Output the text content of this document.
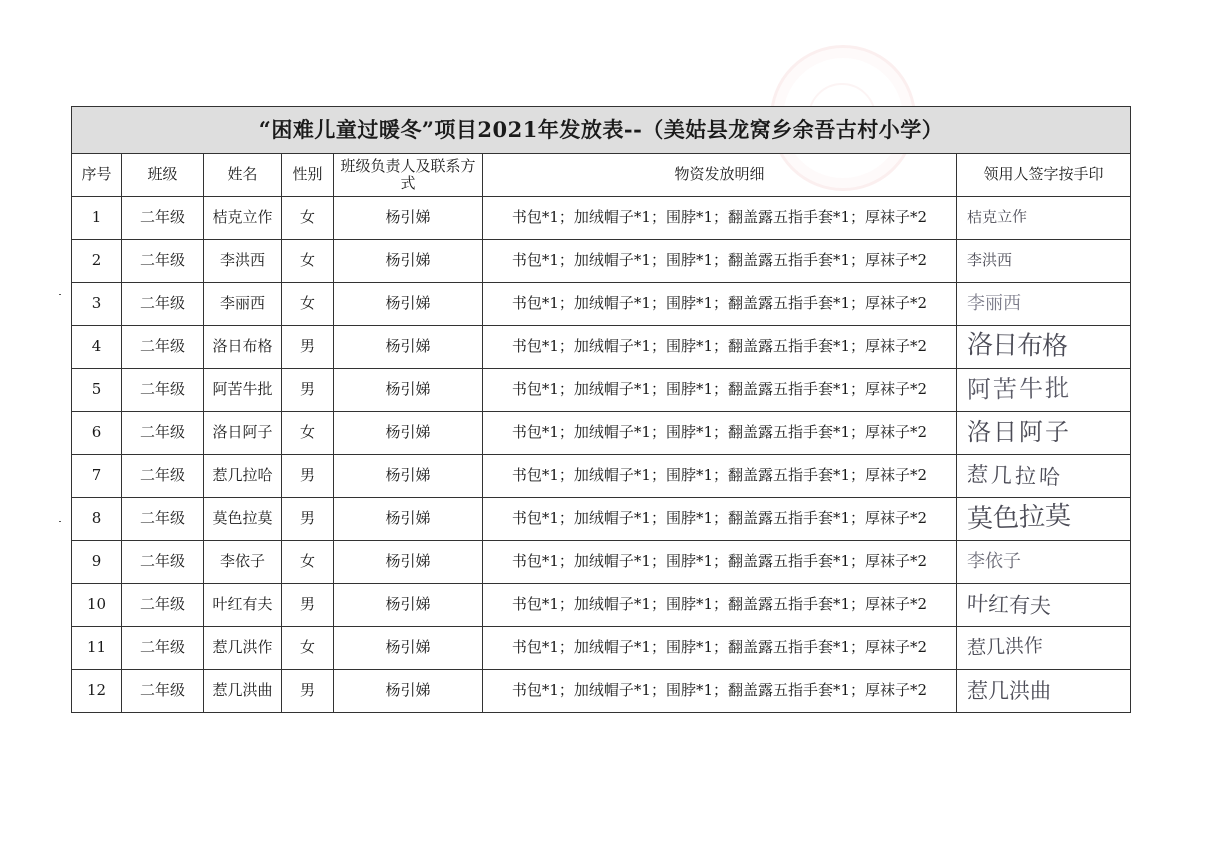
“困难儿童过暖冬”项目2021年发放表--（美姑县龙窝乡余吾古村小学）						
序号	班级	姓名	性别	班级负责人及联系方式	物资发放明细	领用人签字按手印
1	二年级	桔克立作	女	杨引娣	书包*1；加绒帽子*1；围脖*1；翻盖露五指手套*1；厚袜子*2	桔克立作
2	二年级	李洪西	女	杨引娣	书包*1；加绒帽子*1；围脖*1；翻盖露五指手套*1；厚袜子*2	李洪西
3	二年级	李丽西	女	杨引娣	书包*1；加绒帽子*1；围脖*1；翻盖露五指手套*1；厚袜子*2	李丽西
4	二年级	洛日布格	男	杨引娣	书包*1；加绒帽子*1；围脖*1；翻盖露五指手套*1；厚袜子*2	洛日布格
5	二年级	阿苦牛批	男	杨引娣	书包*1；加绒帽子*1；围脖*1；翻盖露五指手套*1；厚袜子*2	阿苦牛批
6	二年级	洛日阿子	女	杨引娣	书包*1；加绒帽子*1；围脖*1；翻盖露五指手套*1；厚袜子*2	洛日阿子
7	二年级	惹几拉哈	男	杨引娣	书包*1；加绒帽子*1；围脖*1；翻盖露五指手套*1；厚袜子*2	惹几拉哈
8	二年级	莫色拉莫	男	杨引娣	书包*1；加绒帽子*1；围脖*1；翻盖露五指手套*1；厚袜子*2	莫色拉莫
9	二年级	李依子	女	杨引娣	书包*1；加绒帽子*1；围脖*1；翻盖露五指手套*1；厚袜子*2	李依子
10	二年级	叶红有夫	男	杨引娣	书包*1；加绒帽子*1；围脖*1；翻盖露五指手套*1；厚袜子*2	叶红有夫
11	二年级	惹几洪作	女	杨引娣	书包*1；加绒帽子*1；围脖*1；翻盖露五指手套*1；厚袜子*2	惹几洪作
12	二年级	惹几洪曲	男	杨引娣	书包*1；加绒帽子*1；围脖*1；翻盖露五指手套*1；厚袜子*2	惹几洪曲
